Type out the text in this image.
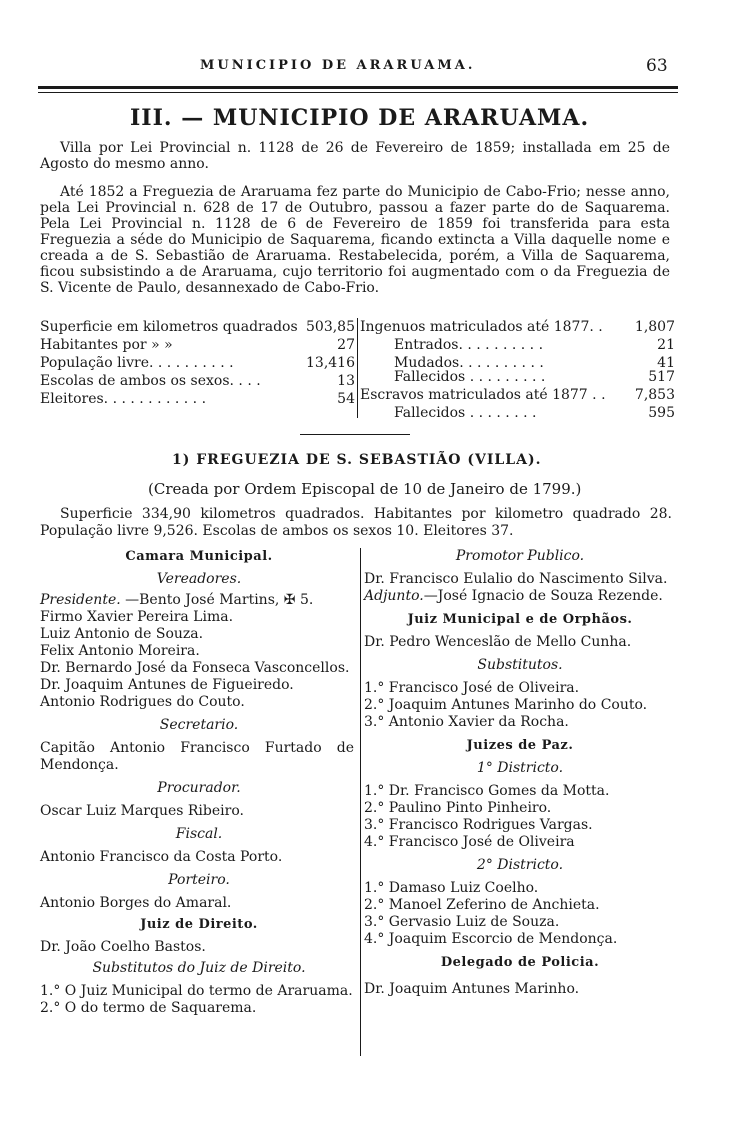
MUNICIPIO DE ARARUAMA.	63
III. — MUNICIPIO DE ARARUAMA.

Villa por Lei Provincial n. 1128 de 26 de Fevereiro de 1859; installada em 25 de Agosto do mesmo anno.

Até 1852 a Freguezia de Araruama fez parte do Municipio de Cabo-Frio; nesse anno, pela Lei Provincial n. 628 de 17 de Outubro, passou a fazer parte do de Saquarema. Pela Lei Provincial n. 1128 de 6 de Fevereiro de 1859 foi transferida para esta Freguezia a séde do Municipio de Saquarema, ficando extincta a Villa daquelle nome e creada a de S. Sebastião de Araruama. Restabelecida, porém, a Villa de Saquarema, ficou subsistindo a de Araruama, cujo territorio foi augmentado com o da Freguezia de S. Vicente de Paulo, desannexado de Cabo-Frio.

Superficie em kilometros quadrados 503,85
Habitantes por » »	27
População livre. . . . . . . . . .	13,416
Escolas de ambos os sexos. . . .	13
Eleitores. . . . . . . . . . . .	54
Ingenuos matriculados até 1877. . 1,807
Entrados. . . . . . . . . .	21
Mudados. . . . . . . . . .	41
Fallecidos . . . . . . . . .	517
Escravos matriculados até 1877 . . 7,853
Fallecidos . . . . . . . .	595
1) FREGUEZIA DE S. SEBASTIÃO (VILLA).
(Creada por Ordem Episcopal de 10 de Janeiro de 1799.)

Superficie 334,90 kilometros quadrados. Habitantes por kilometro quadrado 28. População livre 9,526. Escolas de ambos os sexos 10. Eleitores 37.

Camara Municipal.
Vereadores.
Presidente. —Bento José Martins, ✠ 5.
Firmo Xavier Pereira Lima.
Luiz Antonio de Souza.
Felix Antonio Moreira.
Dr. Bernardo José da Fonseca Vasconcellos.
Dr. Joaquim Antunes de Figueiredo.
Antonio Rodrigues do Couto.
Secretario.
Capitão Antonio Francisco Furtado de Mendonça.
Procurador.
Oscar Luiz Marques Ribeiro.
Fiscal.
Antonio Francisco da Costa Porto.
Porteiro.
Antonio Borges do Amaral.
Juiz de Direito.
Dr. João Coelho Bastos.
Substitutos do Juiz de Direito.
1.° O Juiz Municipal do termo de Araruama.
2.° O do termo de Saquarema.
Promotor Publico.
Dr. Francisco Eulalio do Nascimento Silva.
Adjunto.—José Ignacio de Souza Rezende.
Juiz Municipal e de Orphãos.
Dr. Pedro Wenceslão de Mello Cunha.
Substitutos.
1.° Francisco José de Oliveira.
2.° Joaquim Antunes Marinho do Couto.
3.° Antonio Xavier da Rocha.
Juizes de Paz.
1° Districto.
1.° Dr. Francisco Gomes da Motta.
2.° Paulino Pinto Pinheiro.
3.° Francisco Rodrigues Vargas.
4.° Francisco José de Oliveira
2° Districto.
1.° Damaso Luiz Coelho.
2.° Manoel Zeferino de Anchieta.
3.° Gervasio Luiz de Souza.
4.° Joaquim Escorcio de Mendonça.
Delegado de Policia.
Dr. Joaquim Antunes Marinho.
